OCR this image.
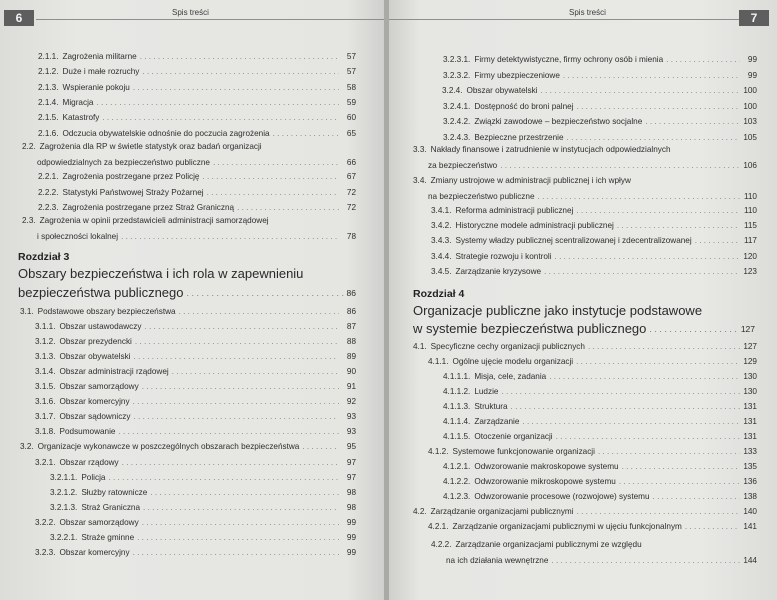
6	Spis treści
2.1.1. Zagrożenia militarne . . .	57
2.1.2. Duże i małe rozruchy . . .	57
2.1.3. Wspieranie pokoju . . .	58
2.1.4. Migracja . . .	59
2.1.5. Katastrofy . . .	60
2.1.6. Odczucia obywatelskie odnośnie do poczucia zagrożenia . . .	65
2.2. Zagrożenia dla RP w świetle statystyk oraz badań organizacji
odpowiedzialnych za bezpieczeństwo publiczne . . .	66
2.2.1. Zagrożenia postrzegane przez Policję . . .	67
2.2.2. Statystyki Państwowej Straży Pożarnej . . .	72
2.2.3. Zagrożenia postrzegane przez Straż Graniczną . . .	72
2.3. Zagrożenia w opinii przedstawicieli administracji samorządowej
i społeczności lokalnej . . .	78
Rozdział 3
Obszary bezpieczeństwa i ich rola w zapewnieniu
bezpieczeństwa publicznego . . .	86
3.1. Podstawowe obszary bezpieczeństwa . . .	86
3.1.1. Obszar ustawodawczy . . .	87
3.1.2. Obszar prezydencki . . .	88
3.1.3. Obszar obywatelski . . .	89
3.1.4. Obszar administracji rządowej . . .	90
3.1.5. Obszar samorządowy . . .	91
3.1.6. Obszar komercyjny . . .	92
3.1.7. Obszar sądowniczy . . .	93
3.1.8. Podsumowanie . . .	93
3.2. Organizacje wykonawcze w poszczególnych obszarach bezpieczeństwa . . .	95
3.2.1. Obszar rządowy . . .	97
3.2.1.1. Policja . . .	97
3.2.1.2. Służby ratownicze . . .	98
3.2.1.3. Straż Graniczna . . .	98
3.2.2. Obszar samorządowy . . .	99
3.2.2.1. Straże gminne . . .	99
3.2.3. Obszar komercyjny . . .	99
7
Spis treści
3.2.3.1. Firmy detektywistyczne, firmy ochrony osób i mienia . . .	99
3.2.3.2. Firmy ubezpieczeniowe . . .	99
3.2.4. Obszar obywatelski . . .	100
3.2.4.1. Dostępność do broni palnej . . .	100
3.2.4.2. Związki zawodowe – bezpieczeństwo socjalne . . .	103
3.2.4.3. Bezpieczne przestrzenie . . .	105
3.3. Nakłady finansowe i zatrudnienie w instytucjach odpowiedzialnych
za bezpieczeństwo . . .	106
3.4. Zmiany ustrojowe w administracji publicznej i ich wpływ
na bezpieczeństwo publiczne . . .	110
3.4.1. Reforma administracji publicznej . . .	110
3.4.2. Historyczne modele administracji publicznej . . .	115
3.4.3. Systemy władzy publicznej scentralizowanej i zdecentralizowanej . . .	117
3.4.4. Strategie rozwoju i kontroli . . .	120
3.4.5. Zarządzanie kryzysowe . . .	123
Rozdział 4
Organizacje publiczne jako instytucje podstawowe
w systemie bezpieczeństwa publicznego . . .	127
4.1. Specyficzne cechy organizacji publicznych . . .	127
4.1.1. Ogólne ujęcie modelu organizacji . . .	129
4.1.1.1. Misja, cele, zadania . . .	130
4.1.1.2. Ludzie . . .	130
4.1.1.3. Struktura . . .	131
4.1.1.4. Zarządzanie . . .	131
4.1.1.5. Otoczenie organizacji . . .	131
4.1.2. Systemowe funkcjonowanie organizacji . . .	133
4.1.2.1. Odwzorowanie makroskopowe systemu . . .	135
4.1.2.2. Odwzorowanie mikroskopowe systemu . . .	136
4.1.2.3. Odwzorowanie procesowe (rozwojowe) systemu . . .	138
4.2. Zarządzanie organizacjami publicznymi . . .	140
4.2.1. Zarządzanie organizacjami publicznymi w ujęciu funkcjonalnym . . .	141
4.2.2. Zarządzanie organizacjami publicznymi ze względu
na ich działania wewnętrzne . . .	144
